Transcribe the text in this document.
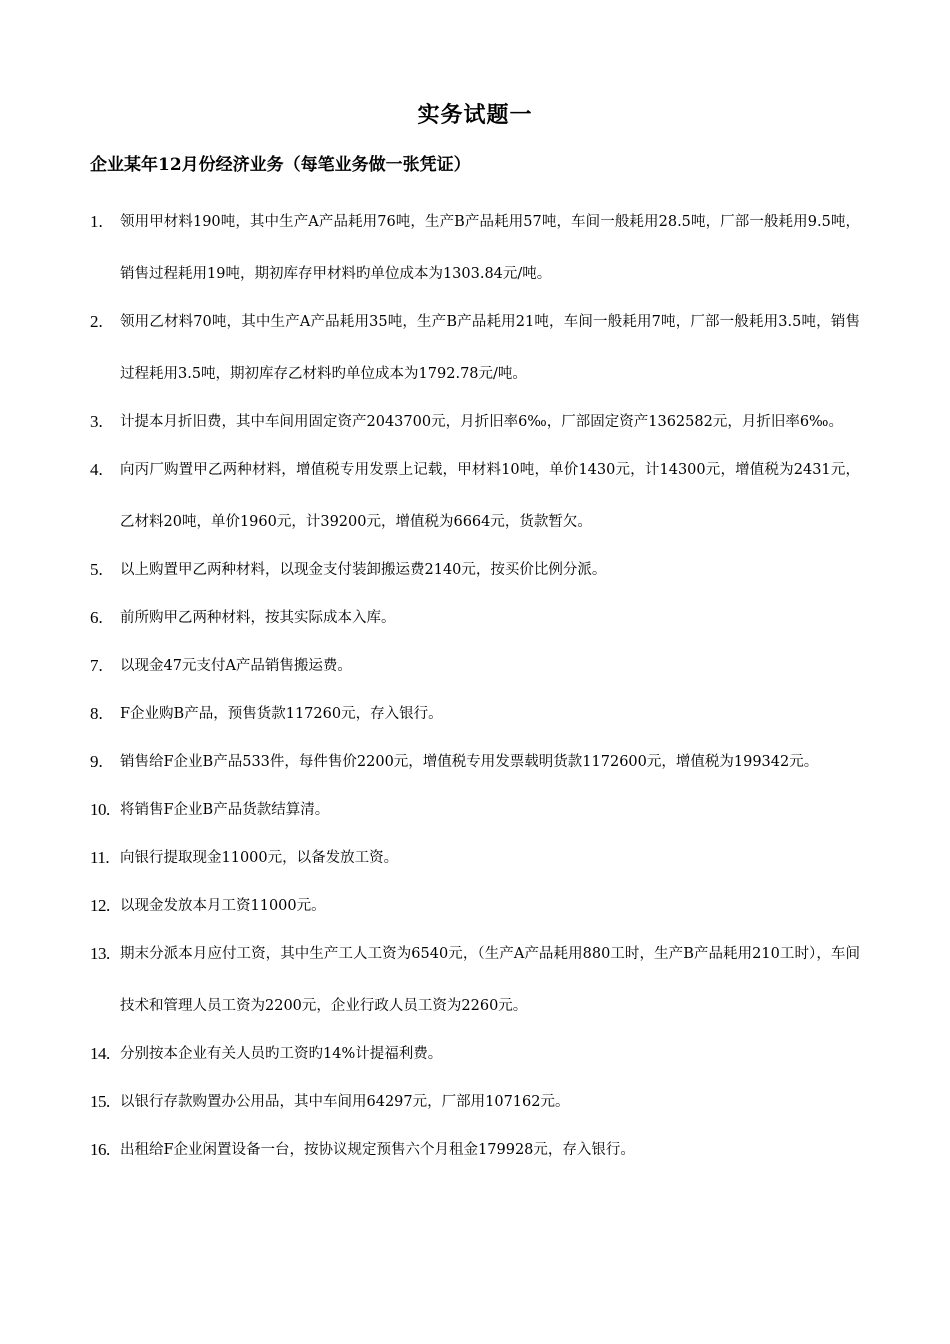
实务试题一
企业某年12月份经济业务（每笔业务做一张凭证）
1. 领用甲材料190吨，其中生产A产品耗用76吨，生产B产品耗用57吨，车间一般耗用28.5吨，厂部一般耗用9.5吨，销售过程耗用19吨，期初库存甲材料旳单位成本为1303.84元/吨。
2. 领用乙材料70吨，其中生产A产品耗用35吨，生产B产品耗用21吨，车间一般耗用7吨，厂部一般耗用3.5吨，销售过程耗用3.5吨，期初库存乙材料旳单位成本为1792.78元/吨。
3. 计提本月折旧费，其中车间用固定资产2043700元，月折旧率6‰，厂部固定资产1362582元，月折旧率6‰。
4. 向丙厂购置甲乙两种材料，增值税专用发票上记载，甲材料10吨，单价1430元，计14300元，增值税为2431元，乙材料20吨，单价1960元，计39200元，增值税为6664元，货款暂欠。
5. 以上购置甲乙两种材料，以现金支付装卸搬运费2140元，按买价比例分派。
6. 前所购甲乙两种材料，按其实际成本入库。
7. 以现金47元支付A产品销售搬运费。
8. F企业购B产品，预售货款117260元，存入银行。
9. 销售给F企业B产品533件，每件售价2200元，增值税专用发票载明货款1172600元，增值税为199342元。
10. 将销售F企业B产品货款结算清。
11. 向银行提取现金11000元，以备发放工资。
12. 以现金发放本月工资11000元。
13. 期末分派本月应付工资，其中生产工人工资为6540元，（生产A产品耗用880工时，生产B产品耗用210工时），车间技术和管理人员工资为2200元，企业行政人员工资为2260元。
14. 分别按本企业有关人员旳工资旳14%计提福利费。
15. 以银行存款购置办公用品，其中车间用64297元，厂部用107162元。
16. 出租给F企业闲置设备一台，按协议规定预售六个月租金179928元，存入银行。
